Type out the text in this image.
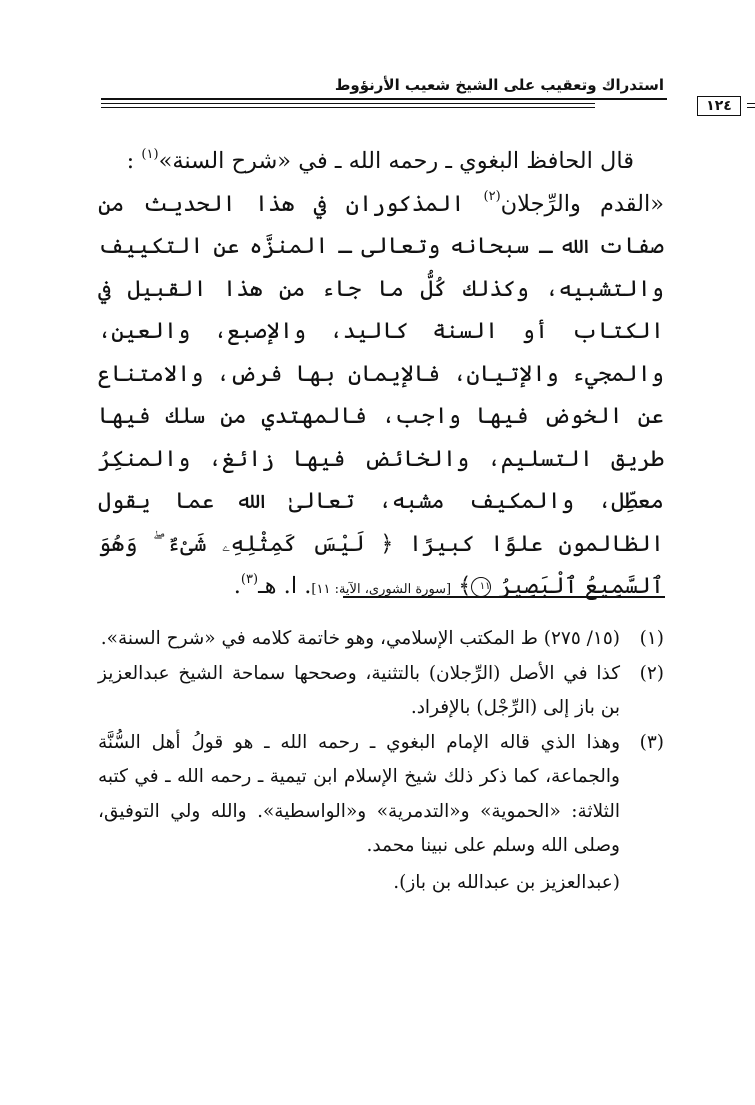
استدراك وتعقيب على الشيخ شعيب الأرنؤوط
١٢٤

قال الحافظ البغوي ـ رحمه الله ـ في «شرح السنة»$^{(١)}$ :

«القدم والرِّجلان$^{(٢)}$ المذكوران في هذا الحديث من صفات الله ـ سبحانه وتعالى ـ المنزَّه عن التكييف والتشبيه، وكذلك كُلُّ ما جاء من هذا القبيل في الكتاب أو السنة كاليد، والإصبع، والعين، والمجيء والإتيان، فالإيمان بها فرض، والامتناع عن الخوض فيها واجب، فالمهتدي من سلك فيها طريق التسليم، والخائض فيها زائغ، والمنكِرُ معطِّل، والمكيف مشبه، تعالىٰ الله عما يقول الظالمون علوًا كبيرًا ﴿ لَيْسَ كَمِثْلِهِۦ شَىْءٌ ۖ وَهُوَ ٱلسَّمِيعُ ٱلْبَصِيرُ ١١﴾ [سورة الشورى، الآية: ١١]. ا. هـ$^{(٣)}$.

(١)
(١٥/ ٢٧٥) ط المكتب الإسلامي، وهو خاتمة كلامه في «شرح السنة».
(٢)
كذا في الأصل (الرِّجلان) بالتثنية، وصححها سماحة الشيخ عبدالعزيز بن باز إلى (الرِّجْل) بالإفراد.
(٣)
وهذا الذي قاله الإمام البغوي ـ رحمه الله ـ هو قولُ أهل السُّنَّة والجماعة، كما ذكر ذلك شيخ الإسلام ابن تيمية ـ رحمه الله ـ في كتبه الثلاثة: «الحموية» و«التدمرية» و«الواسطية». والله ولي التوفيق، وصلى الله وسلم على نبينا محمد.
(عبدالعزيز بن عبدالله بن باز).
